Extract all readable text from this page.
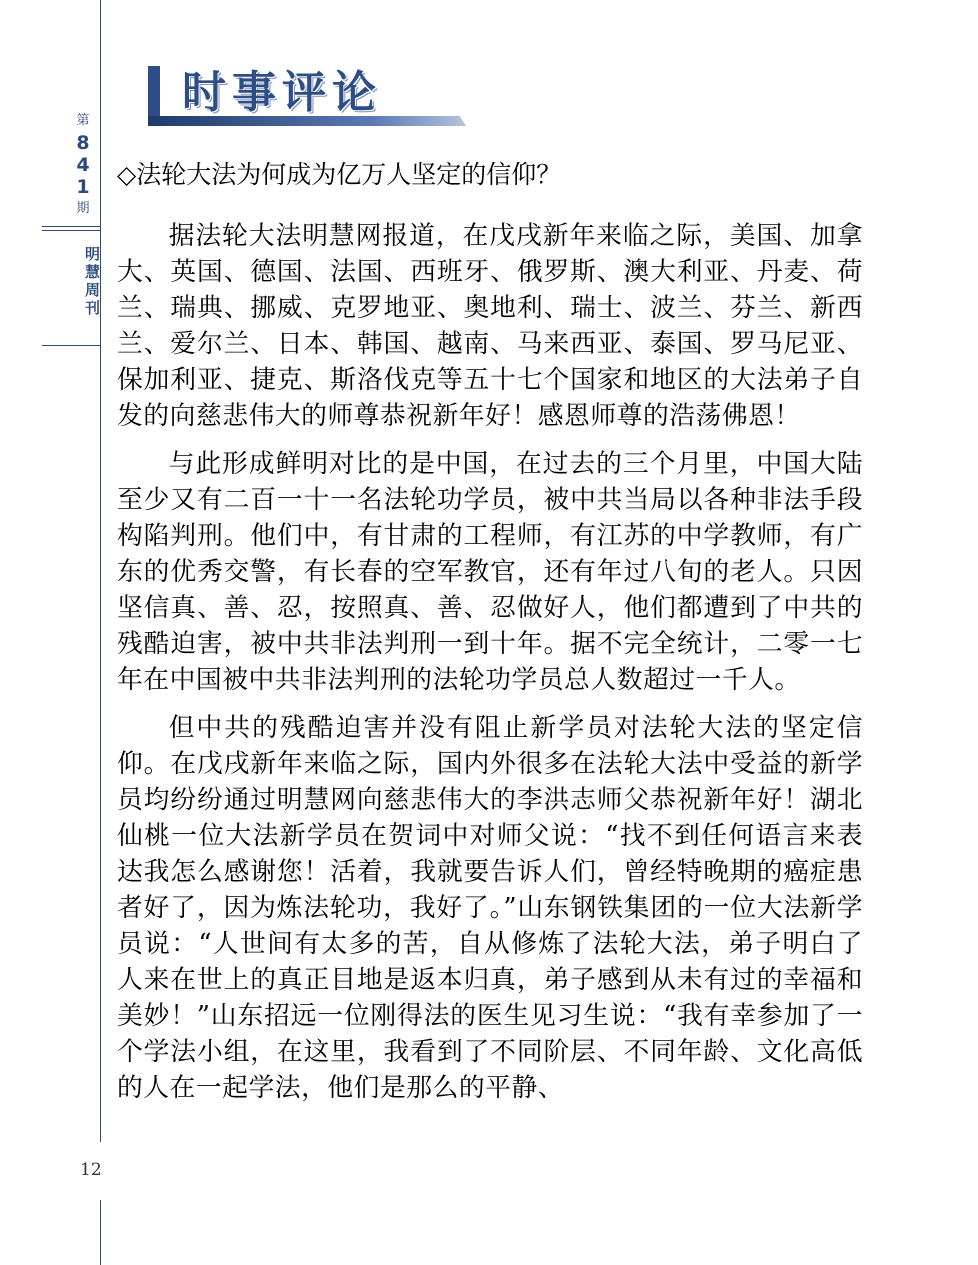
第
8
4
1
期
明慧周刊
12
时事评论
◇法轮大法为何成为亿万人坚定的信仰？

据法轮大法明慧网报道，在戊戌新年来临之际，美国、加拿大、英国、德国、法国、西班牙、俄罗斯、澳大利亚、丹麦、荷兰、瑞典、挪威、克罗地亚、奥地利、瑞士、波兰、芬兰、新西兰、爱尔兰、日本、韩国、越南、马来西亚、泰国、罗马尼亚、保加利亚、捷克、斯洛伐克等五十七个国家和地区的大法弟子自发的向慈悲伟大的师尊恭祝新年好！感恩师尊的浩荡佛恩！

与此形成鲜明对比的是中国，在过去的三个月里，中国大陆至少又有二百一十一名法轮功学员，被中共当局以各种非法手段构陷判刑。他们中，有甘肃的工程师，有江苏的中学教师，有广东的优秀交警，有长春的空军教官，还有年过八旬的老人。只因坚信真、善、忍，按照真、善、忍做好人，他们都遭到了中共的残酷迫害，被中共非法判刑一到十年。据不完全统计，二零一七年在中国被中共非法判刑的法轮功学员总人数超过一千人。

但中共的残酷迫害并没有阻止新学员对法轮大法的坚定信仰。在戊戌新年来临之际，国内外很多在法轮大法中受益的新学员均纷纷通过明慧网向慈悲伟大的李洪志师父恭祝新年好！湖北仙桃一位大法新学员在贺词中对师父说：“找不到任何语言来表达我怎么感谢您！活着，我就要告诉人们，曾经特晚期的癌症患者好了，因为炼法轮功，我好了。”山东钢铁集团的一位大法新学员说：“人世间有太多的苦，自从修炼了法轮大法，弟子明白了人来在世上的真正目地是返本归真，弟子感到从未有过的幸福和美妙！”山东招远一位刚得法的医生见习生说：“我有幸参加了一个学法小组，在这里，我看到了不同阶层、不同年龄、文化高低的人在一起学法，他们是那么的平静、
